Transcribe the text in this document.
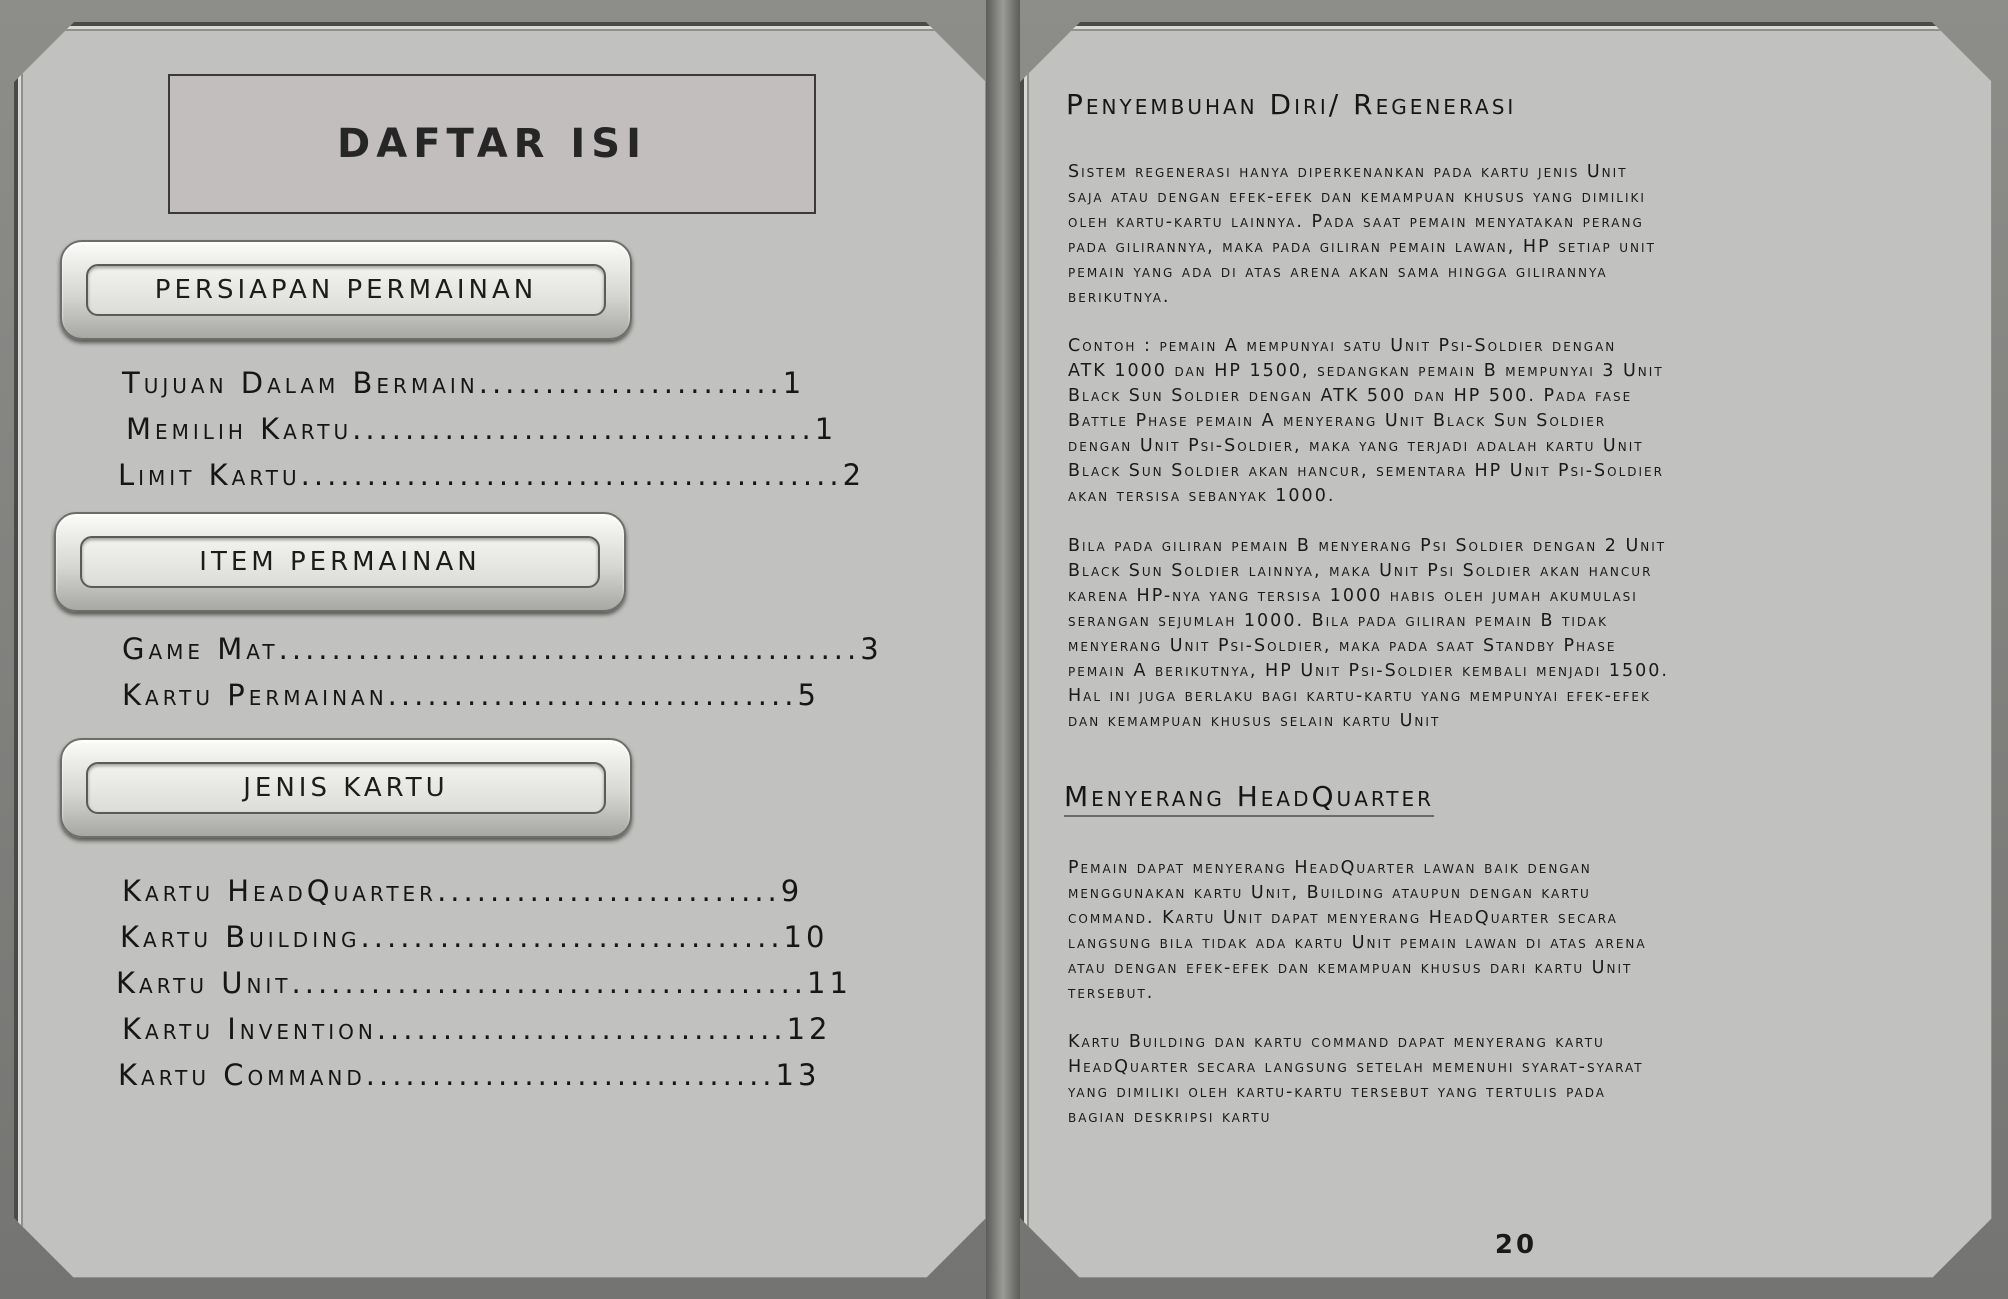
DAFTAR ISI
PERSIAPAN PERMAINAN
Tujuan Dalam Bermain.......................1
Memilih Kartu...................................1
Limit Kartu.........................................2
ITEM PERMAINAN
Game Mat............................................3
Kartu Permainan...............................5
JENIS KARTU
Kartu HeadQuarter..........................9
Kartu Building................................10
Kartu Unit.......................................11
Kartu Invention...............................12
Kartu Command...............................13
Penyembuhan Diri/ Regenerasi
Sistem regenerasi hanya diperkenankan pada kartu jenis Unit
saja atau dengan efek-efek dan kemampuan khusus yang dimiliki
oleh kartu-kartu lainnya. Pada saat pemain menyatakan perang
pada gilirannya, maka pada giliran pemain lawan, HP setiap unit
pemain yang ada di atas arena akan sama hingga gilirannya
berikutnya.
Contoh : pemain A mempunyai satu Unit Psi-Soldier dengan
ATK 1000 dan HP 1500, sedangkan pemain B mempunyai 3 Unit
Black Sun Soldier dengan ATK 500 dan HP 500. Pada fase
Battle Phase pemain A menyerang Unit Black Sun Soldier
dengan Unit Psi-Soldier, maka yang terjadi adalah kartu Unit
Black Sun Soldier akan hancur, sementara HP Unit Psi-Soldier
akan tersisa sebanyak 1000.
Bila pada giliran pemain B menyerang Psi Soldier dengan 2 Unit
Black Sun Soldier lainnya, maka Unit Psi Soldier akan hancur
karena HP-nya yang tersisa 1000 habis oleh jumah akumulasi
serangan sejumlah 1000. Bila pada giliran pemain B tidak
menyerang Unit Psi-Soldier, maka pada saat Standby Phase
pemain A berikutnya, HP Unit Psi-Soldier kembali menjadi 1500.
Hal ini juga berlaku bagi kartu-kartu yang mempunyai efek-efek
dan kemampuan khusus selain kartu Unit
Menyerang HeadQuarter
Pemain dapat menyerang HeadQuarter lawan baik dengan
menggunakan kartu Unit, Building ataupun dengan kartu
command. Kartu Unit dapat menyerang HeadQuarter secara
langsung bila tidak ada kartu Unit pemain lawan di atas arena
atau dengan efek-efek dan kemampuan khusus dari kartu Unit
tersebut.
Kartu Building dan kartu command dapat menyerang kartu
HeadQuarter secara langsung setelah memenuhi syarat-syarat
yang dimiliki oleh kartu-kartu tersebut yang tertulis pada
bagian deskripsi kartu
20
